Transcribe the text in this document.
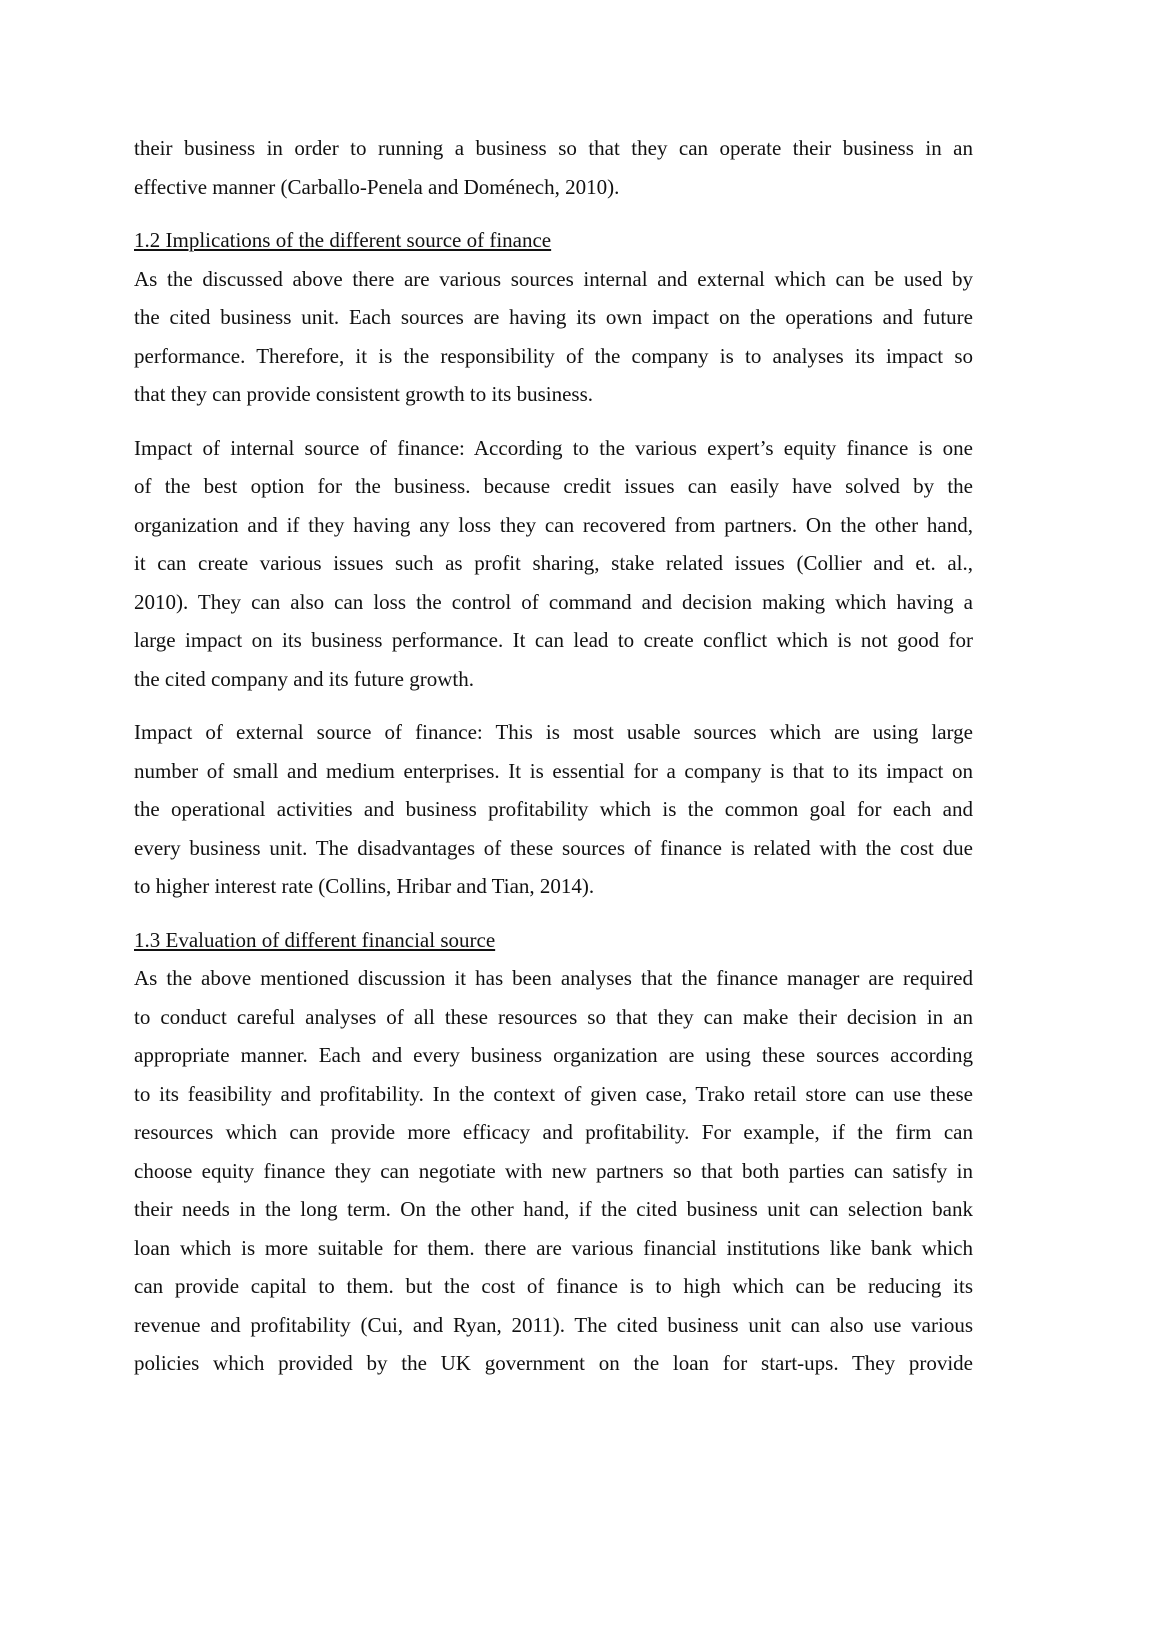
their business in order to running a business so that they can operate their business in an
effective manner (Carballo-Penela and Doménech, 2010).
1.2 Implications of the different source of finance
As the discussed above there are various sources internal and external which can be used by
the cited business unit. Each sources are having its own impact on the operations and future
performance. Therefore, it is the responsibility of the company is to analyses its impact so
that they can provide consistent growth to its business.
Impact of internal source of finance: According to the various expert’s equity finance is one
of the best option for the business. because credit issues can easily have solved by the
organization and if they having any loss they can recovered from partners. On the other hand,
it can create various issues such as profit sharing, stake related issues (Collier and et. al.,
2010). They can also can loss the control of command and decision making which having a
large impact on its business performance. It can lead to create conflict which is not good for
the cited company and its future growth.
Impact of external source of finance: This is most usable sources which are using large
number of small and medium enterprises. It is essential for a company is that to its impact on
the operational activities and business profitability which is the common goal for each and
every business unit. The disadvantages of these sources of finance is related with the cost due
to higher interest rate (Collins, Hribar and Tian, 2014).
1.3 Evaluation of different financial source
As the above mentioned discussion it has been analyses that the finance manager are required
to conduct careful analyses of all these resources so that they can make their decision in an
appropriate manner. Each and every business organization are using these sources according
to its feasibility and profitability. In the context of given case, Trako retail store can use these
resources which can provide more efficacy and profitability. For example, if the firm can
choose equity finance they can negotiate with new partners so that both parties can satisfy in
their needs in the long term. On the other hand, if the cited business unit can selection bank
loan which is more suitable for them. there are various financial institutions like bank which
can provide capital to them. but the cost of finance is to high which can be reducing its
revenue and profitability (Cui, and Ryan, 2011). The cited business unit can also use various
policies which provided by the UK government on the loan for start-ups. They provide
